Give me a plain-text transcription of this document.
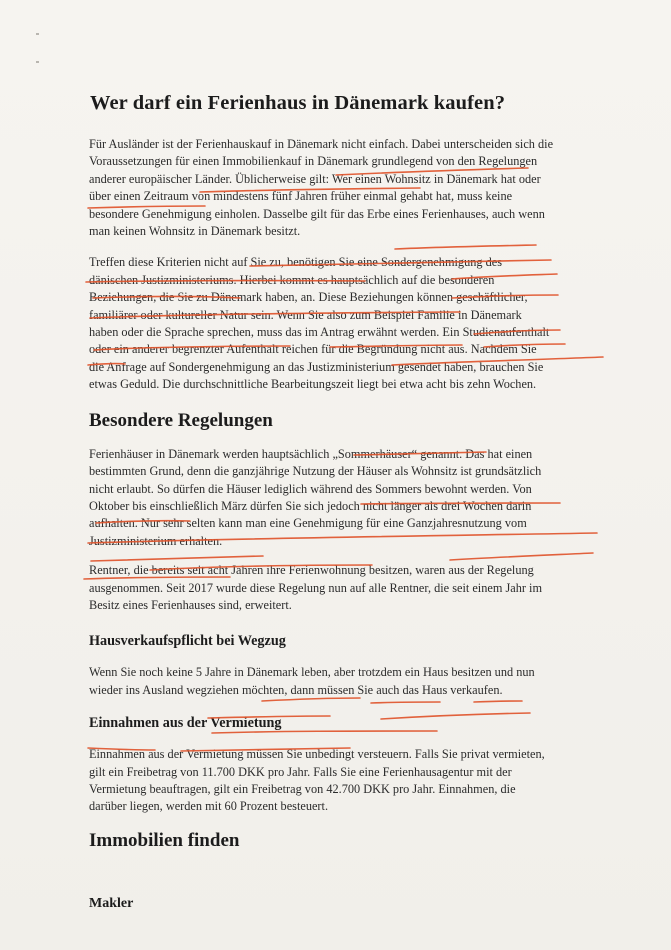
Wer darf ein Ferienhaus in Dänemark kaufen?

Für Ausländer ist der Ferienhauskauf in Dänemark nicht einfach. Dabei unterscheiden sich die
Voraussetzungen für einen Immobilienkauf in Dänemark grundlegend von den Regelungen
anderer europäischer Länder. Üblicherweise gilt: Wer einen Wohnsitz in Dänemark hat oder
über einen Zeitraum von mindestens fünf Jahren früher einmal gehabt hat, muss keine
besondere Genehmigung einholen. Dasselbe gilt für das Erbe eines Ferienhauses, auch wenn
man keinen Wohnsitz in Dänemark besitzt.

Treffen diese Kriterien nicht auf Sie zu, benötigen Sie eine Sondergenehmigung des
dänischen Justizministeriums. Hierbei kommt es hauptsächlich auf die besonderen
Beziehungen, die Sie zu Dänemark haben, an. Diese Beziehungen können geschäftlicher,
familiärer oder kultureller Natur sein. Wenn Sie also zum Beispiel Familie in Dänemark
haben oder die Sprache sprechen, muss das im Antrag erwähnt werden. Ein Studienaufenthalt
oder ein anderer begrenzter Aufenthalt reichen für die Begründung nicht aus. Nachdem Sie
die Anfrage auf Sondergenehmigung an das Justizministerium gesendet haben, brauchen Sie
etwas Geduld. Die durchschnittliche Bearbeitungszeit liegt bei etwa acht bis zehn Wochen.

Besondere Regelungen

Ferienhäuser in Dänemark werden hauptsächlich „Sommerhäuser“ genannt. Das hat einen
bestimmten Grund, denn die ganzjährige Nutzung der Häuser als Wohnsitz ist grundsätzlich
nicht erlaubt. So dürfen die Häuser lediglich während des Sommers bewohnt werden. Von
Oktober bis einschließlich März dürfen Sie sich jedoch nicht länger als drei Wochen darin
aufhalten. Nur sehr selten kann man eine Genehmigung für eine Ganzjahresnutzung vom
Justizministerium erhalten.

Rentner, die bereits seit acht Jahren ihre Ferienwohnung besitzen, waren aus der Regelung
ausgenommen. Seit 2017 wurde diese Regelung nun auf alle Rentner, die seit einem Jahr im
Besitz eines Ferienhauses sind, erweitert.

Hausverkaufspflicht bei Wegzug

Wenn Sie noch keine 5 Jahre in Dänemark leben, aber trotzdem ein Haus besitzen und nun
wieder ins Ausland wegziehen möchten, dann müssen Sie auch das Haus verkaufen.

Einnahmen aus der Vermietung

Einnahmen aus der Vermietung müssen Sie unbedingt versteuern. Falls Sie privat vermieten,
gilt ein Freibetrag von 11.700 DKK pro Jahr. Falls Sie eine Ferienhausagentur mit der
Vermietung beauftragen, gilt ein Freibetrag von 42.700 DKK pro Jahr. Einnahmen, die
darüber liegen, werden mit 60 Prozent besteuert.

Immobilien finden
Makler
